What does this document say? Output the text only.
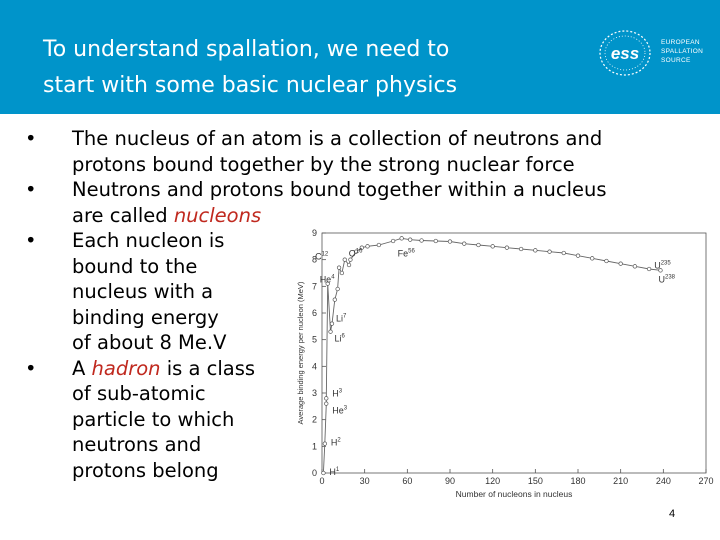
To understand spallation, we need to
start with some basic nuclear physics
ess
EUROPEAN
SPALLATION
SOURCE
• The nucleus of an atom is a collection of neutrons and
protons bound together by the strong nuclear force
• Neutrons and protons bound together within a nucleus
are called nucleons
• Each nucleon is
bound to the
nucleus with a
binding energy
of about 8 Me.V
• A hadron is a class
of sub-atomic
particle to which
neutrons and
protons belong	0	30	60	90	120	150	180	210	240	270
0
1
2
3
4
5
6
7
8
9
Number of nucleons in nucleus
Average binding energy per nucleon (MeV)
$H^1$
$H^2$
$H^3$
He$^3$
He$^4$
Li$^6$
Li$^7$
$C^{12}$ $O^{16}$	Fe$^{56}$
$U^{235}$
$U^{238}$
4
